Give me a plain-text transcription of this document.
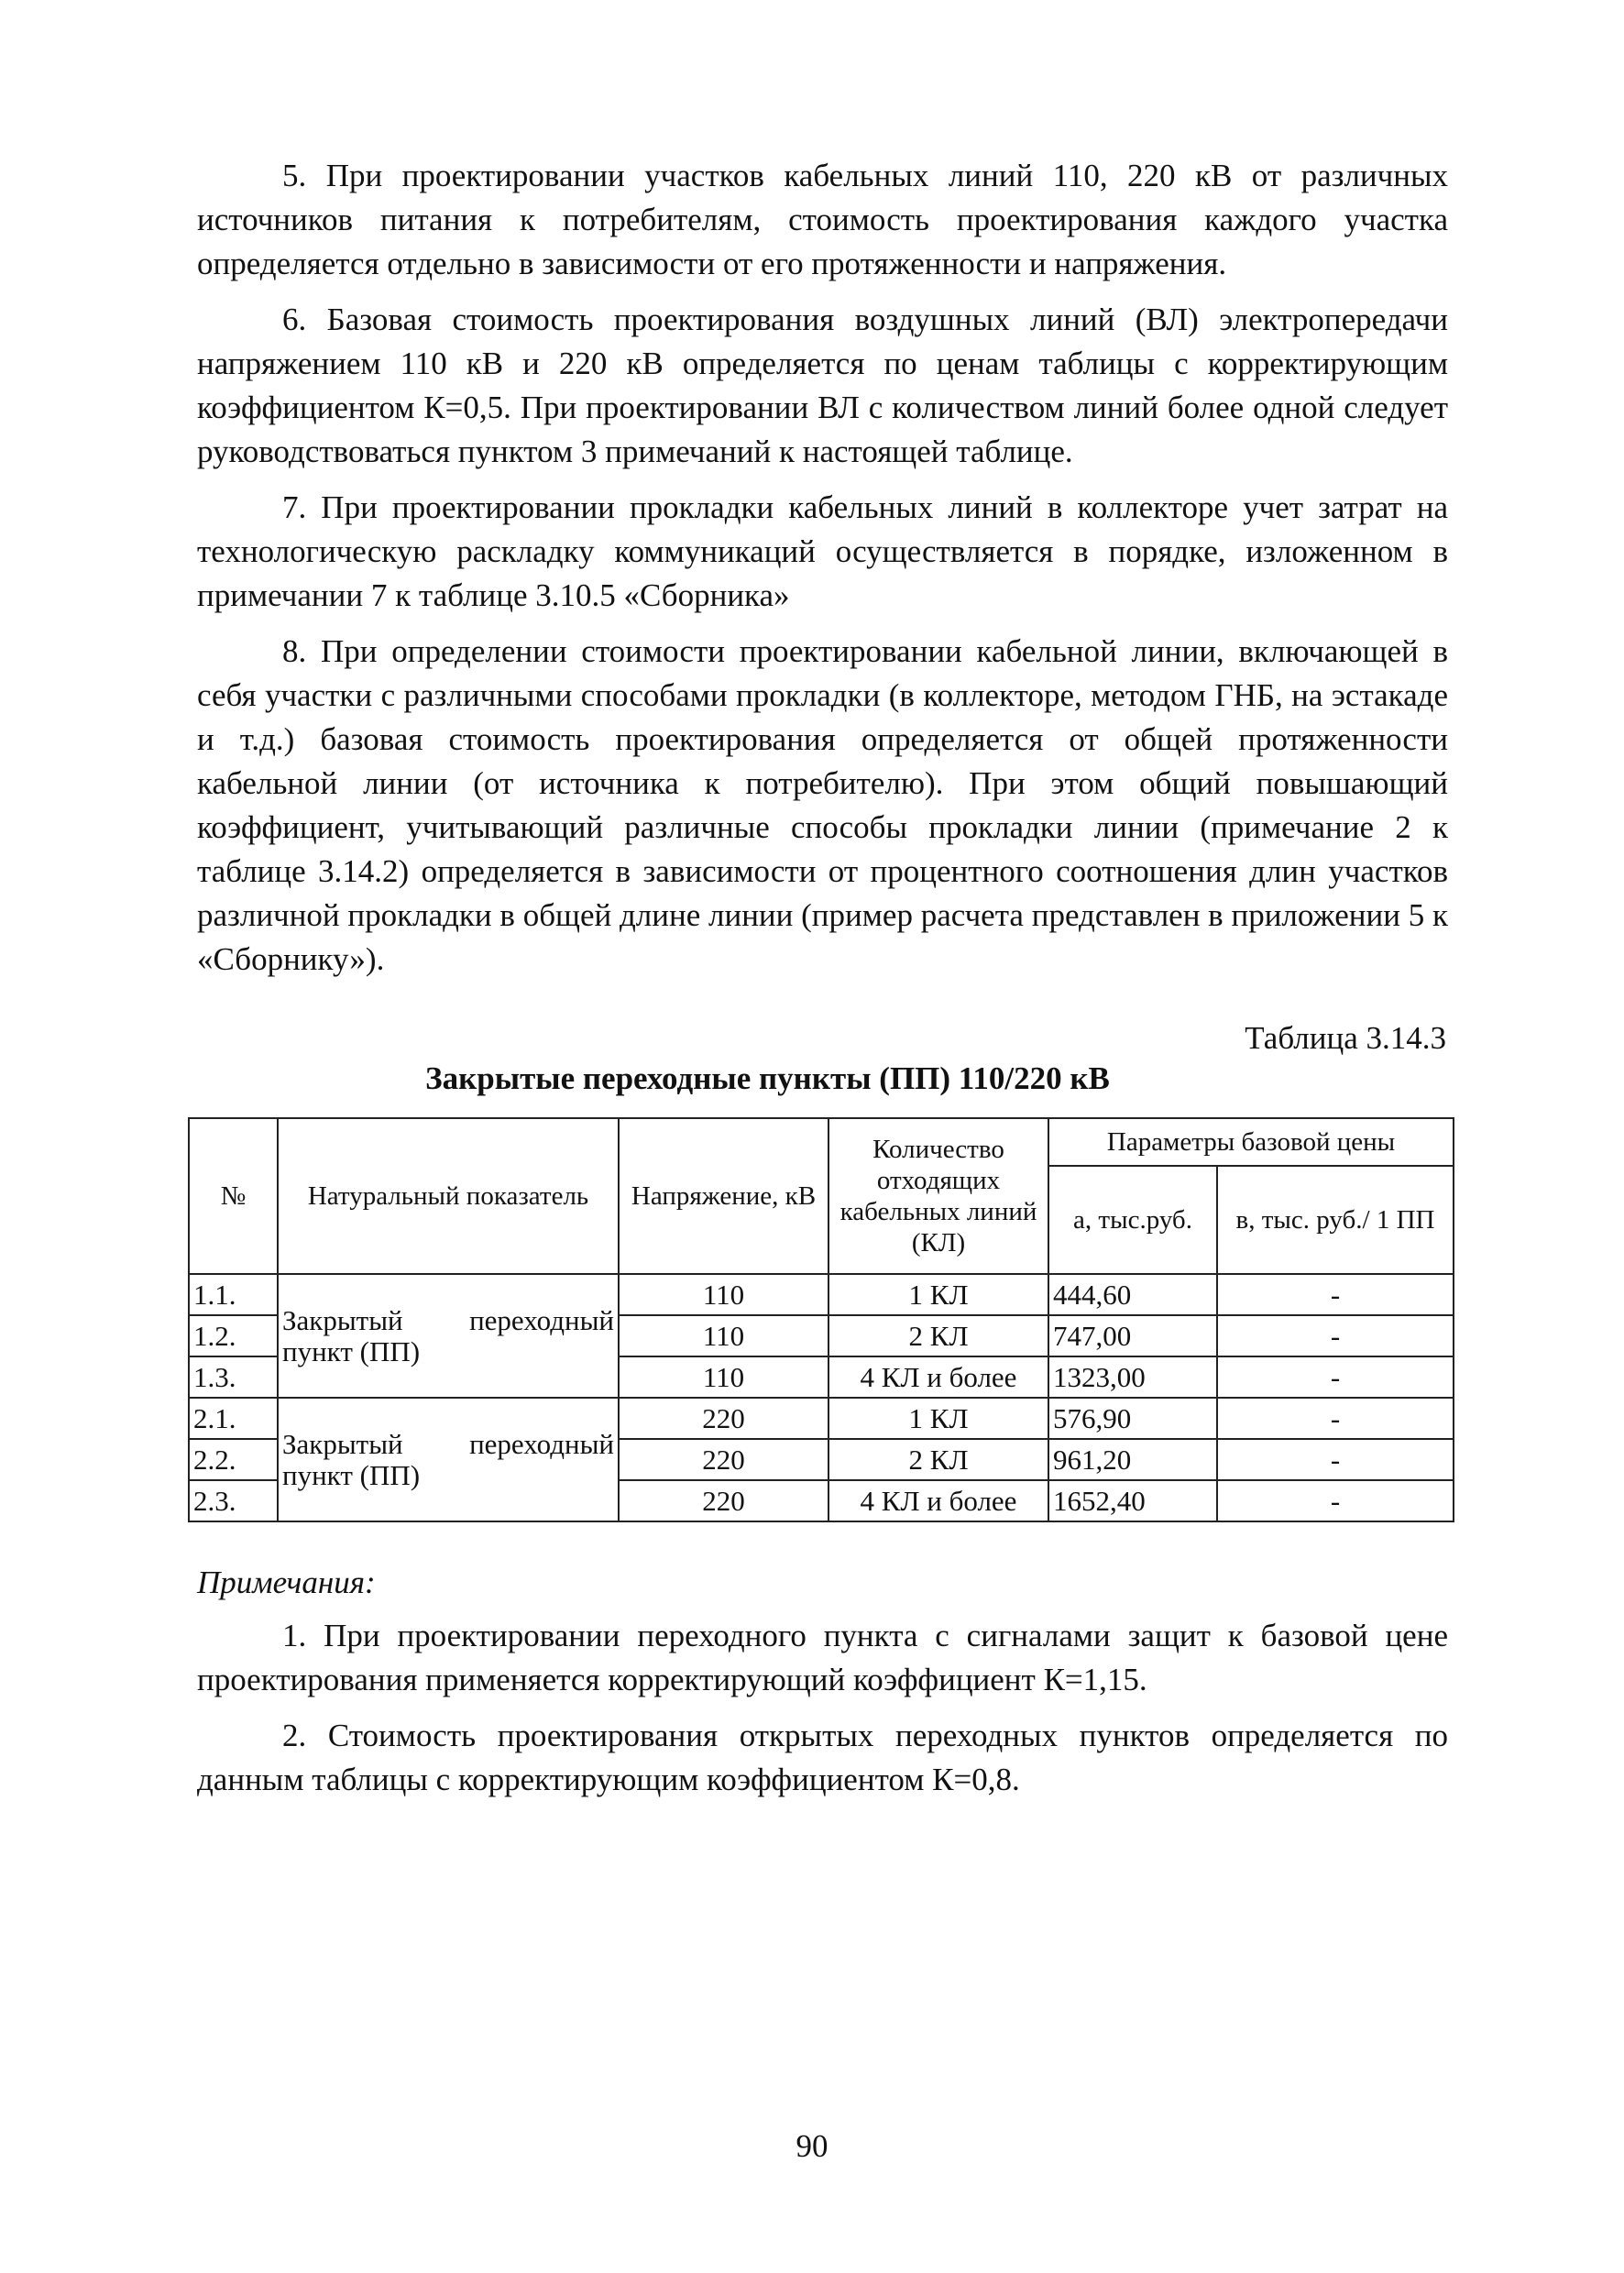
5. При проектировании участков кабельных линий 110, 220 кВ от различных источников питания к потребителям, стоимость проектирования каждого участка определяется отдельно в зависимости от его протяженности и напряжения.

6. Базовая стоимость проектирования воздушных линий (ВЛ) электропередачи напряжением 110 кВ и 220 кВ определяется по ценам таблицы с корректирующим коэффициентом К=0,5. При проектировании ВЛ с количеством линий более одной следует руководствоваться пунктом 3 примечаний к настоящей таблице.

7. При проектировании прокладки кабельных линий в коллекторе учет затрат на технологическую раскладку коммуникаций осуществляется в порядке, изложенном в примечании 7 к таблице 3.10.5 «Сборника»

8. При определении стоимости проектировании кабельной линии, включающей в себя участки с различными способами прокладки (в коллекторе, методом ГНБ, на эстакаде и т.д.) базовая стоимость проектирования определяется от общей протяженности кабельной линии (от источника к потребителю). При этом общий повышающий коэффициент, учитывающий различные способы прокладки линии (примечание 2 к таблице 3.14.2) определяется в зависимости от процентного соотношения длин участков различной прокладки в общей длине линии (пример расчета представлен в приложении 5 к «Сборнику»).

Таблица 3.14.3
Закрытые переходные пункты (ПП) 110/220 кВ
№	Натуральный показатель	Напряжение, кВ	Количество отходящих кабельных линий (КЛ)	Параметры базовой цены	
				а, тыс.руб.	в, тыс. руб./ 1 ПП
1.1.	Закрытый переходный пункт (ПП)	110	1 КЛ	444,60	-
1.2.		110	2 КЛ	747,00	-
1.3.		110	4 КЛ и более	1323,00	-
2.1.	Закрытый переходный пункт (ПП)	220	1 КЛ	576,90	-
2.2.		220	2 КЛ	961,20	-
2.3.		220	4 КЛ и более	1652,40	-
Примечания:

1. При проектировании переходного пункта с сигналами защит к базовой цене проектирования применяется корректирующий коэффициент К=1,15.

2. Стоимость проектирования открытых переходных пунктов определяется по данным таблицы с корректирующим коэффициентом К=0,8.

90
